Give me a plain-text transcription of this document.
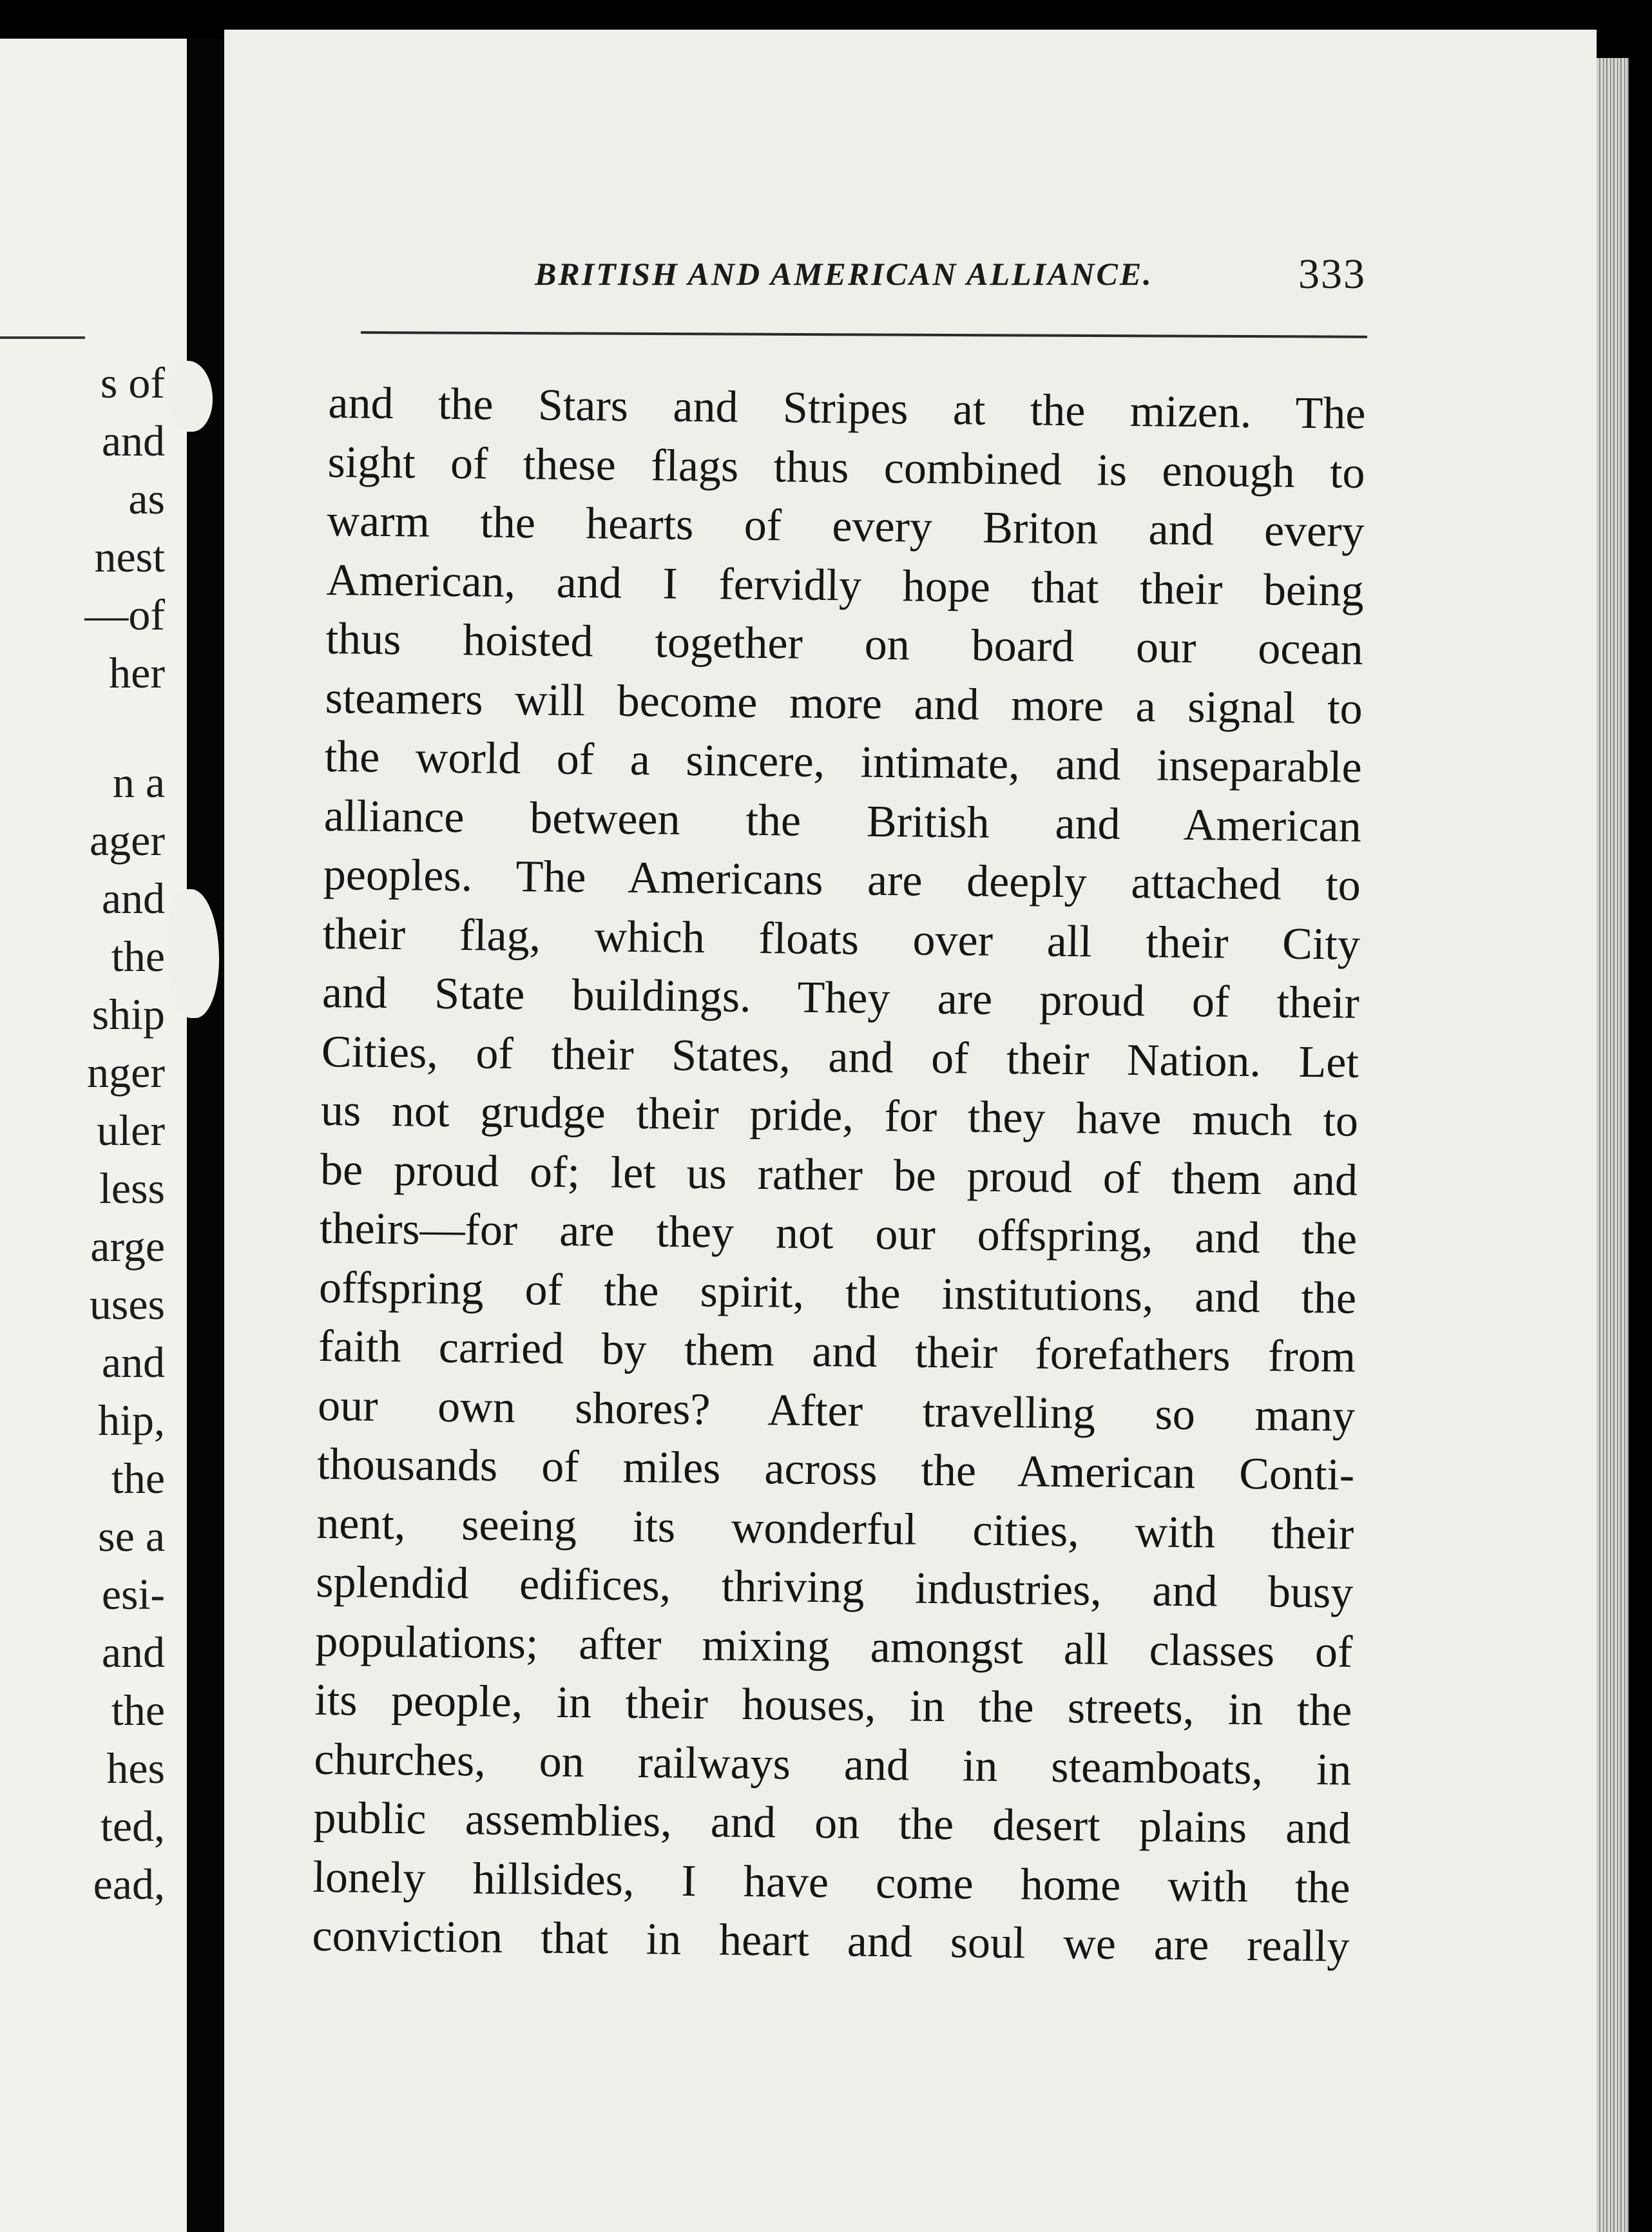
s of
and
as
nest
—of
her
n a
ager
and
the
ship
nger
uler
less
arge
uses
and
hip,
the
se a
esi-
and
the
hes
ted,
ead,
BRITISH AND AMERICAN ALLIANCE.	333
and the Stars and Stripes at the mizen. The
sight of these flags thus combined is enough to
warm the hearts of every Briton and every
American, and I fervidly hope that their being
thus hoisted together on board our ocean
steamers will become more and more a signal to
the world of a sincere, intimate, and inseparable
alliance between the British and American
peoples. The Americans are deeply attached to
their flag, which floats over all their City
and State buildings. They are proud of their
Cities, of their States, and of their Nation. Let
us not grudge their pride, for they have much to
be proud of; let us rather be proud of them and
theirs—for are they not our offspring, and the
offspring of the spirit, the institutions, and the
faith carried by them and their forefathers from
our own shores? After travelling so many
thousands of miles across the American Conti-
nent, seeing its wonderful cities, with their
splendid edifices, thriving industries, and busy
populations; after mixing amongst all classes of
its people, in their houses, in the streets, in the
churches, on railways and in steamboats, in
public assemblies, and on the desert plains and
lonely hillsides, I have come home with the
conviction that in heart and soul we are really
